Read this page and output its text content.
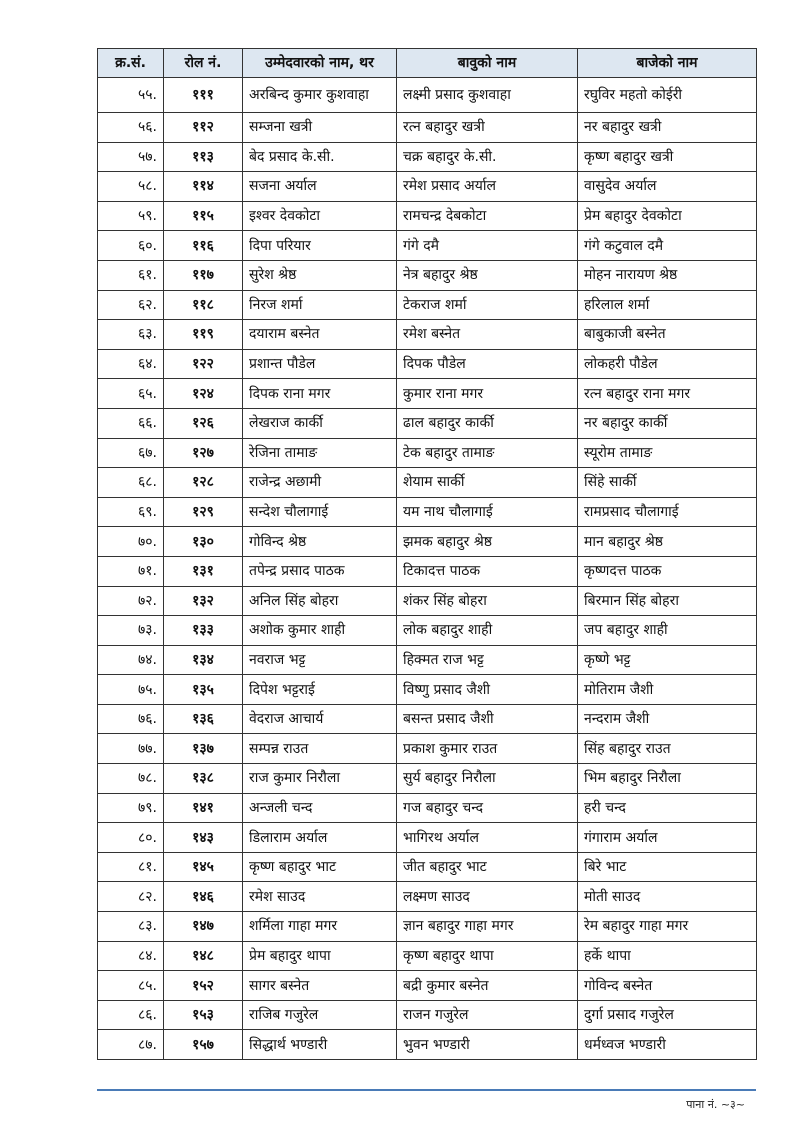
क्र.सं.	रोल नं.	उम्मेदवारको नाम, थर	बावुको नाम	बाजेको नाम
५५.	१११	अरबिन्द कुमार कुशवाहा	लक्ष्मी प्रसाद कुशवाहा	रघुविर महतो कोईरी
५६.	११२	सम्जना खत्री	रत्न बहादुर खत्री	नर बहादुर खत्री
५७.	११३	बेद प्रसाद के.सी.	चक्र बहादुर के.सी.	कृष्ण बहादुर खत्री
५८.	११४	सजना अर्याल	रमेश प्रसाद अर्याल	वासुदेव अर्याल
५९.	११५	इश्वर देवकोटा	रामचन्द्र देबकोटा	प्रेम बहादुर देवकोटा
६०.	११६	दिपा परियार	गंगे दमै	गंगे कटुवाल दमै
६१.	११७	सुरेश श्रेष्ठ	नेत्र बहादुर श्रेष्ठ	मोहन नारायण श्रेष्ठ
६२.	११८	निरज शर्मा	टेकराज शर्मा	हरिलाल शर्मा
६३.	११९	दयाराम बस्नेत	रमेश बस्नेत	बाबुकाजी बस्नेत
६४.	१२२	प्रशान्त पौडेल	दिपक पौडेल	लोकहरी पौडेल
६५.	१२४	दिपक राना मगर	कुमार राना मगर	रत्न बहादुर राना मगर
६६.	१२६	लेखराज कार्की	ढाल बहादुर कार्की	नर बहादुर कार्की
६७.	१२७	रेजिना तामाङ	टेक बहादुर तामाङ	स्यूरोम तामाङ
६८.	१२८	राजेन्द्र अछामी	शेयाम सार्की	सिंहे सार्की
६९.	१२९	सन्देश चौलागाई	यम नाथ चौलागाई	रामप्रसाद चौलागाई
७०.	१३०	गोविन्द श्रेष्ठ	झमक बहादुर श्रेष्ठ	मान बहादुर श्रेष्ठ
७१.	१३१	तपेन्द्र प्रसाद पाठक	टिकादत्त पाठक	कृष्णदत्त पाठक
७२.	१३२	अनिल सिंह बोहरा	शंकर सिंह बोहरा	बिरमान सिंह बोहरा
७३.	१३३	अशोक कुमार शाही	लोक बहादुर शाही	जप बहादुर शाही
७४.	१३४	नवराज भट्ट	हिक्मत राज भट्ट	कृष्णे भट्ट
७५.	१३५	दिपेश भट्टराई	विष्णु प्रसाद जैशी	मोतिराम जैशी
७६.	१३६	वेदराज आचार्य	बसन्त प्रसाद जैशी	नन्दराम जैशी
७७.	१३७	सम्पन्न राउत	प्रकाश कुमार राउत	सिंह बहादुर राउत
७८.	१३८	राज कुमार निरौला	सुर्य बहादुर निरौला	भिम बहादुर निरौला
७९.	१४१	अन्जली चन्द	गज बहादुर चन्द	हरी चन्द
८०.	१४३	डिलाराम अर्याल	भागिरथ अर्याल	गंगाराम अर्याल
८१.	१४५	कृष्ण बहादुर भाट	जीत बहादुर भाट	बिरे भाट
८२.	१४६	रमेश साउद	लक्ष्मण साउद	मोती साउद
८३.	१४७	शर्मिला गाहा मगर	ज्ञान बहादुर गाहा मगर	रेम बहादुर गाहा मगर
८४.	१४८	प्रेम बहादुर थापा	कृष्ण बहादुर थापा	हर्के थापा
८५.	१५२	सागर बस्नेत	बद्री कुमार बस्नेत	गोविन्द बस्नेत
८६.	१५३	राजिब गजुरेल	राजन गजुरेल	दुर्गा प्रसाद गजुरेल
८७.	१५७	सिद्धार्थ भण्डारी	भुवन भण्डारी	धर्मध्वज भण्डारी
पाना नं. ~३~
